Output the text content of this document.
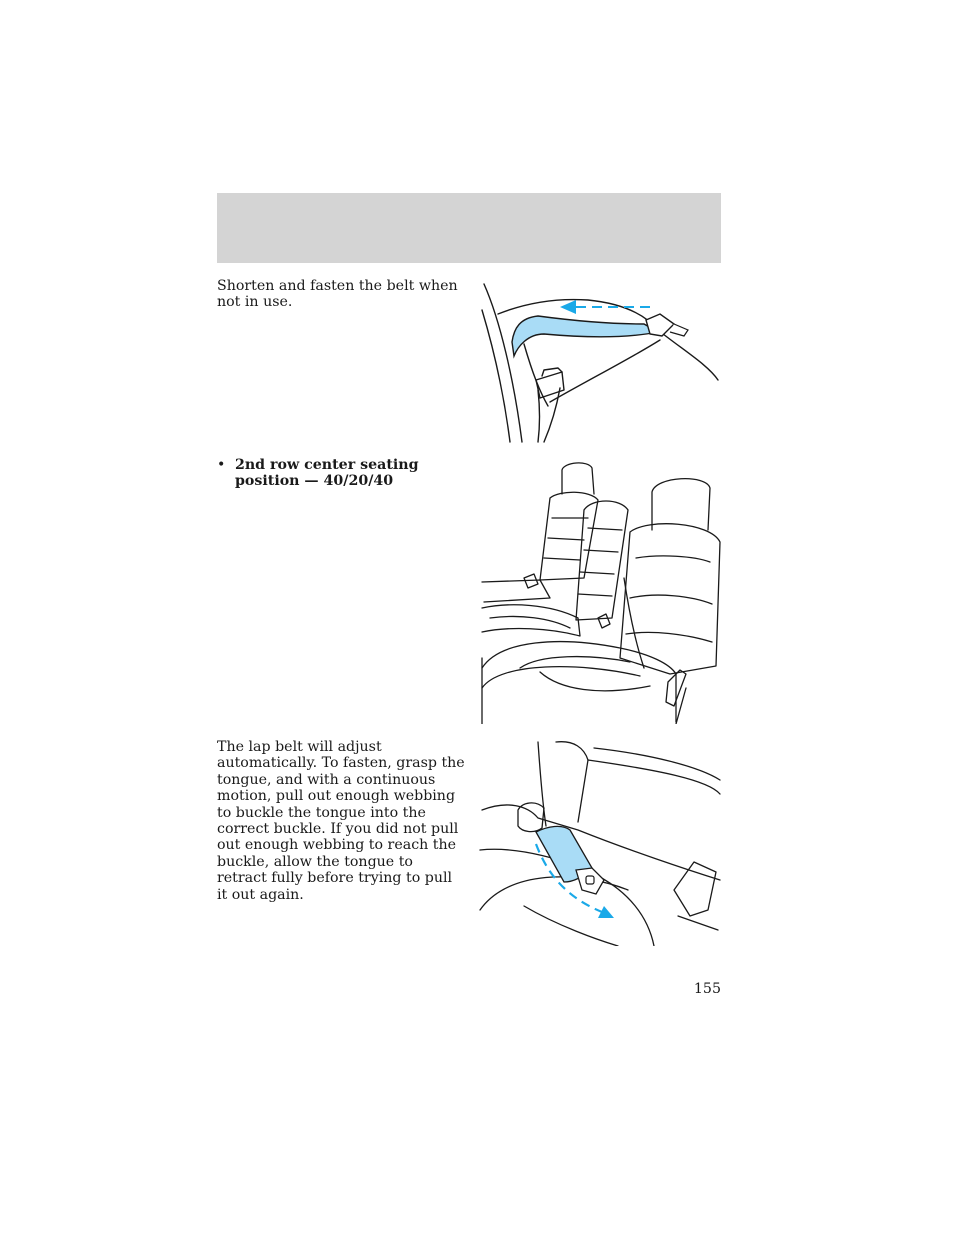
Shorten and fasten the belt when not in use.
• 2nd row center seating position — 40/20/40
The lap belt will adjust automatically. To fasten, grasp the tongue, and with a continuous motion, pull out enough webbing to buckle the tongue into the correct buckle. If you did not pull out enough webbing to reach the buckle, allow the tongue to retract fully before trying to pull it out again.
155
